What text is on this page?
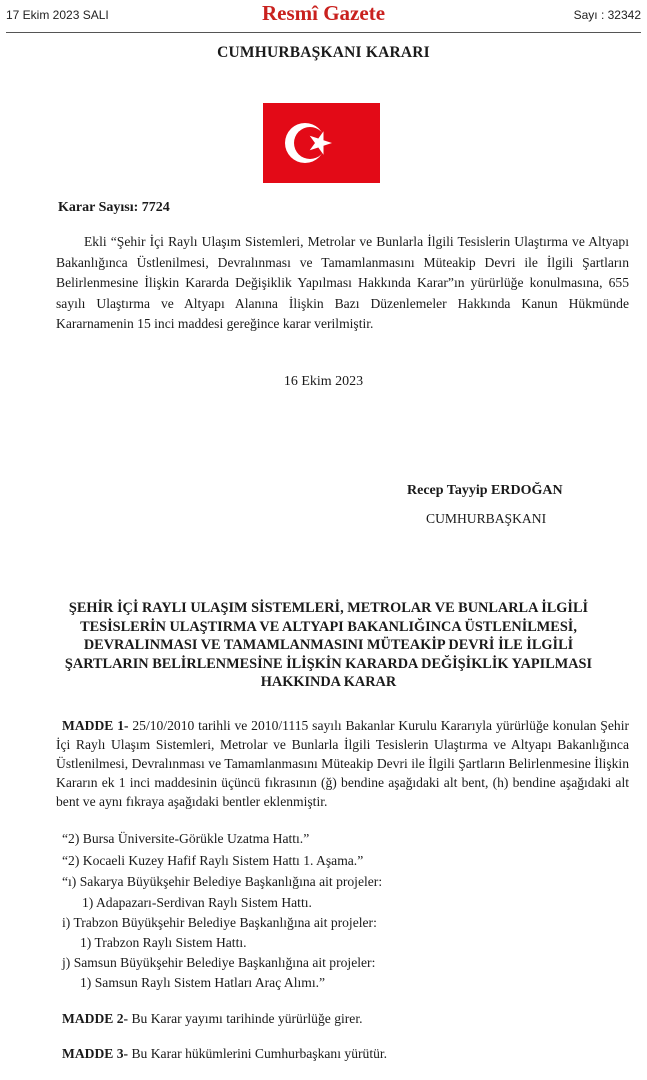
17 Ekim 2023 SALI	Resmî Gazete	Sayı : 32342
CUMHURBAŞKANI KARARI
Karar Sayısı: 7724

Ekli “Şehir İçi Raylı Ulaşım Sistemleri, Metrolar ve Bunlarla İlgili Tesislerin Ulaştırma ve Altyapı Bakanlığınca Üstlenilmesi, Devralınması ve Tamamlanmasını Müteakip Devri ile İlgili Şartların Belirlenmesine İlişkin Kararda Değişiklik Yapılması Hakkında Karar”ın yürürlüğe konulmasına, 655 sayılı Ulaştırma ve Altyapı Alanına İlişkin Bazı Düzenlemeler Hakkında Kanun Hükmünde Kararnamenin 15 inci maddesi gereğince karar verilmiştir.

16 Ekim 2023
Recep Tayyip ERDOĞAN
CUMHURBAŞKANI
ŞEHİR İÇİ RAYLI ULAŞIM SİSTEMLERİ, METROLAR VE BUNLARLA İLGİLİ
TESİSLERİN ULAŞTIRMA VE ALTYAPI BAKANLIĞINCA ÜSTLENİLMESİ,
DEVRALINMASI VE TAMAMLANMASINI MÜTEAKİP DEVRİ İLE İLGİLİ
ŞARTLARIN BELİRLENMESİNE İLİŞKİN KARARDA DEĞİŞİKLİK YAPILMASI
HAKKINDA KARAR

MADDE 1- 25/10/2010 tarihli ve 2010/1115 sayılı Bakanlar Kurulu Kararıyla yürürlüğe konulan Şehir İçi Raylı Ulaşım Sistemleri, Metrolar ve Bunlarla İlgili Tesislerin Ulaştırma ve Altyapı Bakanlığınca Üstlenilmesi, Devralınması ve Tamamlanmasını Müteakip Devri ile İlgili Şartların Belirlenmesine İlişkin Kararın ek 1 inci maddesinin üçüncü fıkrasının (ğ) bendine aşağıdaki alt bent, (h) bendine aşağıdaki alt bent ve aynı fıkraya aşağıdaki bentler eklenmiştir.

“2) Bursa Üniversite-Görükle Uzatma Hattı.”
“2) Kocaeli Kuzey Hafif Raylı Sistem Hattı 1. Aşama.”
“ı) Sakarya Büyükşehir Belediye Başkanlığına ait projeler:
1) Adapazarı-Serdivan Raylı Sistem Hattı.
i) Trabzon Büyükşehir Belediye Başkanlığına ait projeler:
1) Trabzon Raylı Sistem Hattı.
j) Samsun Büyükşehir Belediye Başkanlığına ait projeler:
1) Samsun Raylı Sistem Hatları Araç Alımı.”
MADDE 2- Bu Karar yayımı tarihinde yürürlüğe girer.
MADDE 3- Bu Karar hükümlerini Cumhurbaşkanı yürütür.
